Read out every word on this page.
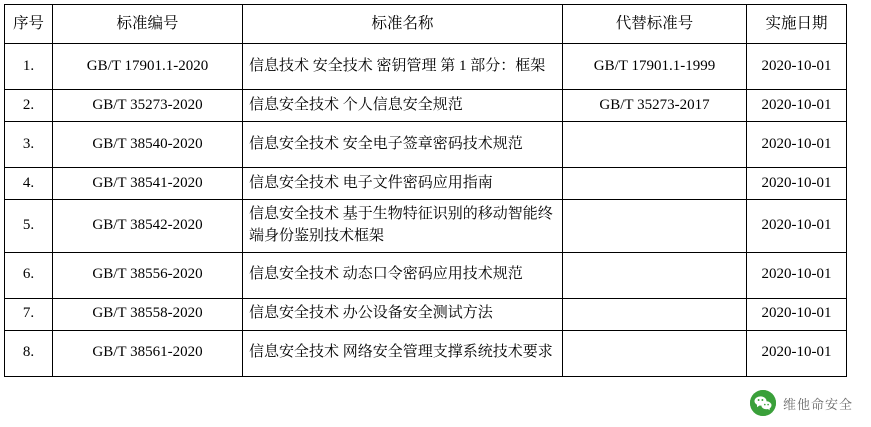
序号	标准编号	标准名称	代替标准号	实施日期
1.	GB/T 17901.1-2020	信息技术 安全技术 密钥管理 第 1 部分：框架	GB/T 17901.1-1999	2020-10-01
2.	GB/T 35273-2020	信息安全技术 个人信息安全规范	GB/T 35273-2017	2020-10-01
3.	GB/T 38540-2020	信息安全技术 安全电子签章密码技术规范		2020-10-01
4.	GB/T 38541-2020	信息安全技术 电子文件密码应用指南		2020-10-01
5.	GB/T 38542-2020	信息安全技术 基于生物特征识别的移动智能终端身份鉴别技术框架		2020-10-01
6.	GB/T 38556-2020	信息安全技术 动态口令密码应用技术规范		2020-10-01
7.	GB/T 38558-2020	信息安全技术 办公设备安全测试方法		2020-10-01
8.	GB/T 38561-2020	信息安全技术 网络安全管理支撑系统技术要求		2020-10-01
维他命安全
